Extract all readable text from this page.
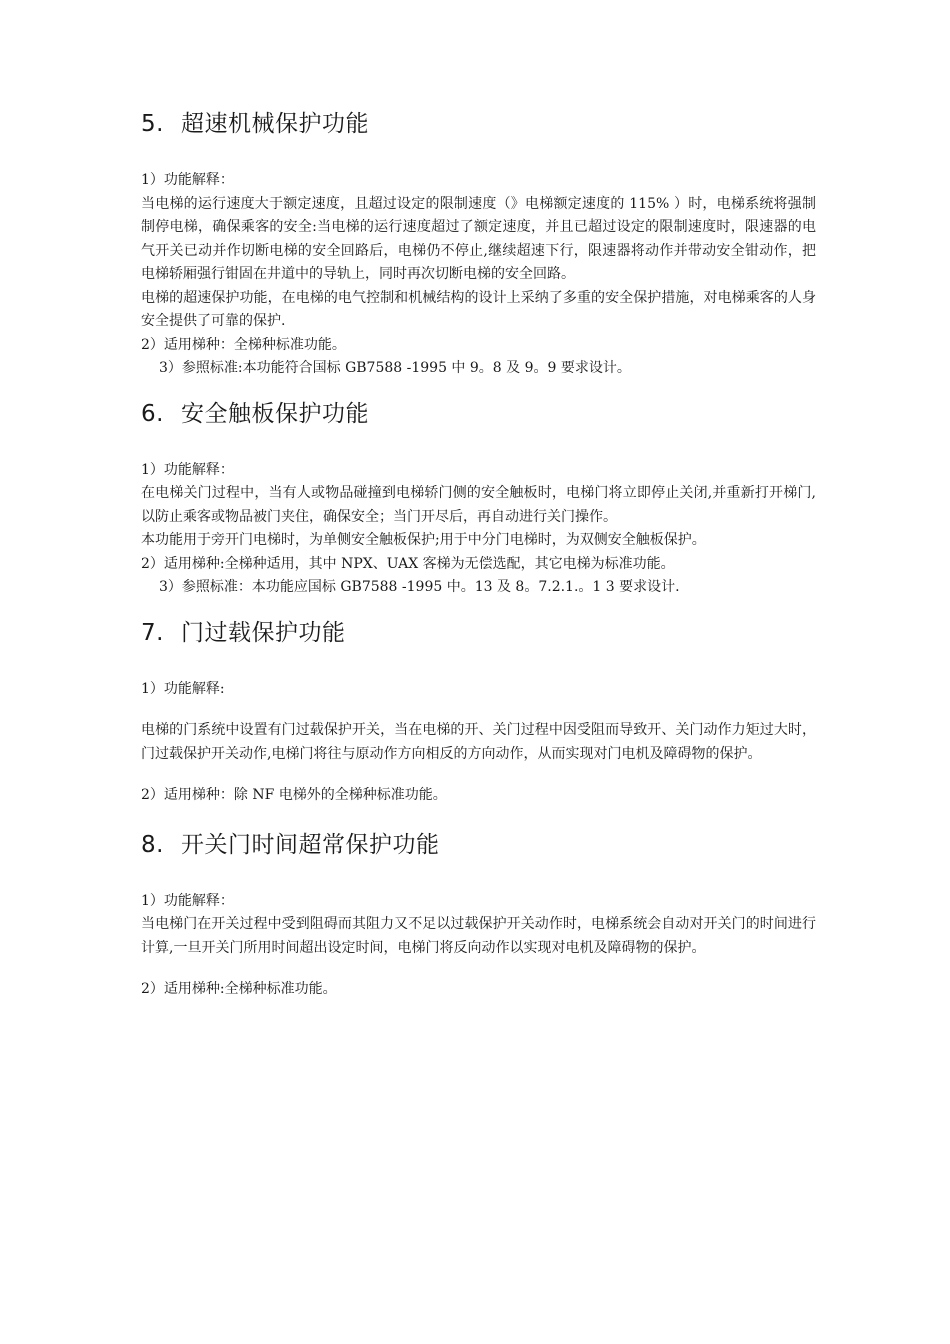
5. 超速机械保护功能

1）功能解释：

当电梯的运行速度大于额定速度，且超过设定的限制速度（》电梯额定速度的 115% ）时，电梯系统将强制制停电梯，确保乘客的安全:当电梯的运行速度超过了额定速度，并且已超过设定的限制速度时，限速器的电气开关已动并作切断电梯的安全回路后，电梯仍不停止,继续超速下行，限速器将动作并带动安全钳动作，把电梯轿厢强行钳固在井道中的导轨上，同时再次切断电梯的安全回路。

电梯的超速保护功能，在电梯的电气控制和机械结构的设计上采纳了多重的安全保护措施，对电梯乘客的人身安全提供了可靠的保护.

2）适用梯种：全梯种标准功能。

3）参照标准:本功能符合国标 GB7588 -1995 中 9。8 及 9。9 要求设计。

6. 安全触板保护功能

1）功能解释：

在电梯关门过程中，当有人或物品碰撞到电梯轿门侧的安全触板时，电梯门将立即停止关闭,并重新打开梯门,以防止乘客或物品被门夹住，确保安全；当门开尽后，再自动进行关门操作。

本功能用于旁开门电梯时，为单侧安全触板保护;用于中分门电梯时，为双侧安全触板保护。

2）适用梯种:全梯种适用，其中 NPX、UAX 客梯为无偿选配，其它电梯为标准功能。

3）参照标准：本功能应国标 GB7588 -1995 中。13 及 8。7.2.1.。1 3 要求设计.

7. 门过载保护功能

1）功能解释:

电梯的门系统中设置有门过载保护开关，当在电梯的开、关门过程中因受阻而导致开、关门动作力矩过大时，门过载保护开关动作,电梯门将往与原动作方向相反的方向动作，从而实现对门电机及障碍物的保护。

2）适用梯种：除 NF 电梯外的全梯种标准功能。

8. 开关门时间超常保护功能

1）功能解释：

当电梯门在开关过程中受到阻碍而其阻力又不足以过载保护开关动作时，电梯系统会自动对开关门的时间进行计算,一旦开关门所用时间超出设定时间，电梯门将反向动作以实现对电机及障碍物的保护。

2）适用梯种:全梯种标准功能。
